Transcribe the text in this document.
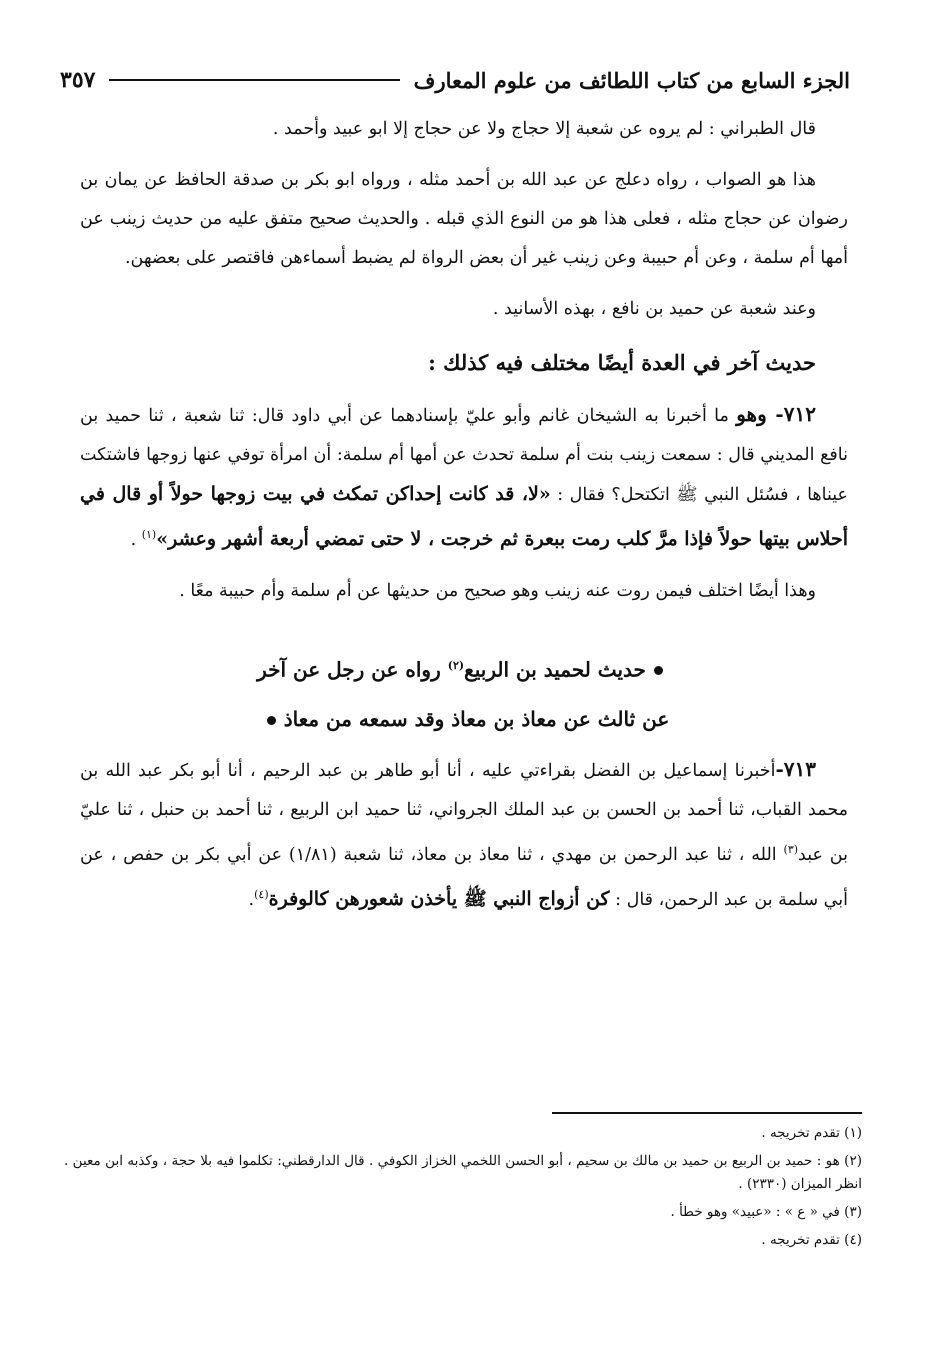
الجزء السابع من كتاب اللطائف من علوم المعارف
٣٥٧

قال الطبراني : لم يروه عن شعبة إلا حجاج ولا عن حجاج إلا ابو عبيد وأحمد .

هذا هو الصواب ، رواه دعلج عن عبد الله بن أحمد مثله ، ورواه ابو بكر بن صدقة الحافظ عن يمان بن رضوان عن حجاج مثله ، فعلى هذا هو من النوع الذي قبله . والحديث صحيح متفق عليه من حديث زينب عن أمها أم سلمة ، وعن أم حبيبة وعن زينب غير أن بعض الرواة لم يضبط أسماءهن فاقتصر على بعضهن.

وعند شعبة عن حميد بن نافع ، بهذه الأسانيد .

حديث آخر في العدة أيضًا مختلف فيه كذلك :

٧١٢- وهو ما أخبرنا به الشيخان غانم وأبو عليّ بإسنادهما عن أبي داود قال: ثنا شعبة ، ثنا حميد بن نافع المديني قال : سمعت زينب بنت أم سلمة تحدث عن أمها أم سلمة: أن امرأة توفي عنها زوجها فاشتكت عيناها ، فسُئل النبي ﷺ اتكتحل؟ فقال : «لا، قد كانت إحداكن تمكث في بيت زوجها حولاً أو قال في أحلاس بيتها حولاً فإذا مرَّ كلب رمت ببعرة ثم خرجت ، لا حتى تمضي أربعة أشهر وعشر»$^{(١)}$ .

وهذا أيضًا اختلف فيمن روت عنه زينب وهو صحيح من حديثها عن أم سلمة وأم حبيبة معًا .

حديث لحميد بن الربيع$^{(٢)}$ رواه عن رجل عن آخر
عن ثالث عن معاذ بن معاذ وقد سمعه من معاذ

٧١٣-أخبرنا إسماعيل بن الفضل بقراءتي عليه ، أنا أبو طاهر بن عبد الرحيم ، أنا أبو بكر عبد الله بن محمد القباب، ثنا أحمد بن الحسن بن عبد الملك الجرواني، ثنا حميد ابن الربيع ، ثنا أحمد بن حنبل ، ثنا عليّ بن عبد$^{(٣)}$ الله ، ثنا عبد الرحمن بن مهدي ، ثنا معاذ بن معاذ، ثنا شعبة (١/٨١) عن أبي بكر بن حفص ، عن أبي سلمة بن عبد الرحمن، قال : كن أزواج النبي ﷺ يأخذن شعورهن كالوفرة$^{(٤)}$.

(١) تقدم تخريجه .

(٢) هو : حميد بن الربيع بن حميد بن مالك بن سحيم ، أبو الحسن اللخمي الخزاز الكوفي . قال الدارقطني: تكلموا فيه بلا حجة ، وكذبه ابن معين . انظر الميزان (٢٣٣٠) .

(٣) في « ع » : «عبيد» وهو خطأ .

(٤) تقدم تخريجه .
